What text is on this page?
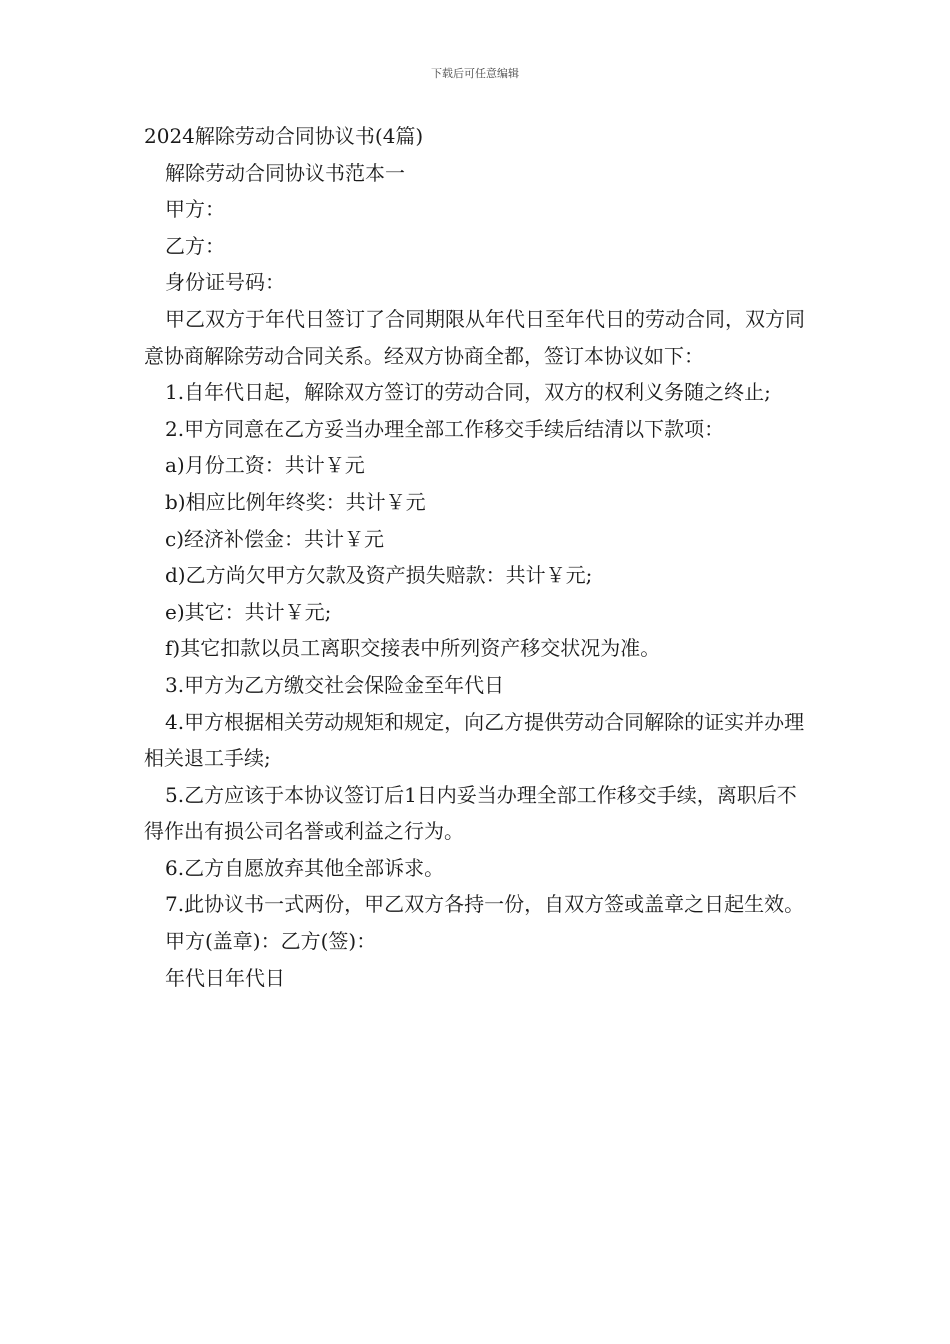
下载后可任意编辑

2024解除劳动合同协议书(4篇)

解除劳动合同协议书范本一

甲方：

乙方：

身份证号码：

甲乙双方于年代日签订了合同期限从年代日至年代日的劳动合同，双方同意协商解除劳动合同关系。经双方协商全都，签订本协议如下：

1.自年代日起，解除双方签订的劳动合同，双方的权利义务随之终止;

2.甲方同意在乙方妥当办理全部工作移交手续后结清以下款项：

a)月份工资：共计￥元

b)相应比例年终奖：共计￥元

c)经济补偿金：共计￥元

d)乙方尚欠甲方欠款及资产损失赔款：共计￥元;

e)其它：共计￥元;

f)其它扣款以员工离职交接表中所列资产移交状况为准。

3.甲方为乙方缴交社会保险金至年代日

4.甲方根据相关劳动规矩和规定，向乙方提供劳动合同解除的证实并办理相关退工手续;

5.乙方应该于本协议签订后1日内妥当办理全部工作移交手续，离职后不得作出有损公司名誉或利益之行为。

6.乙方自愿放弃其他全部诉求。

7.此协议书一式两份，甲乙双方各持一份，自双方签或盖章之日起生效。

甲方(盖章)：乙方(签)：

年代日年代日
